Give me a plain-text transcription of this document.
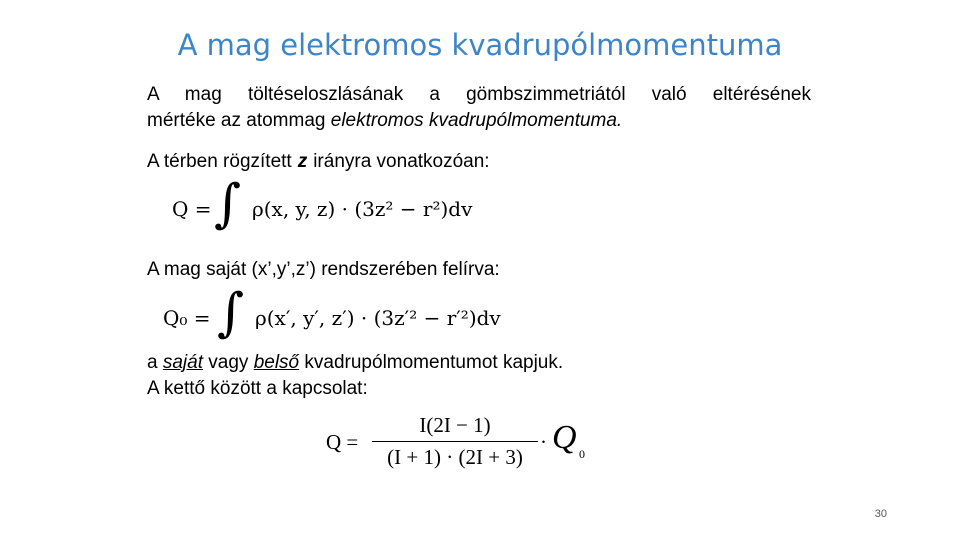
A mag elektromos kvadrupólmomentuma
A mag töltéseloszlásának a gömbszimmetriától való eltérésének
mértéke az atommag elektromos kvadrupólmomentuma.
A térben rögzített z irányra vonatkozóan:
Q = ∫ ρ(x, y, z) · (3z² − r²)dv
A mag saját (x’,y’,z’) rendszerében felírva:
Q₀ = ∫ ρ(x′, y′, z′) · (3z′² − r′²)dv
a saját vagy belső kvadrupólmomentumot kapjuk.
A kettő között a kapcsolat:
$Q = \frac{I(2I - 1)}{(I + 1) \cdot (2I + 3)} \cdot Q$ 0
30
